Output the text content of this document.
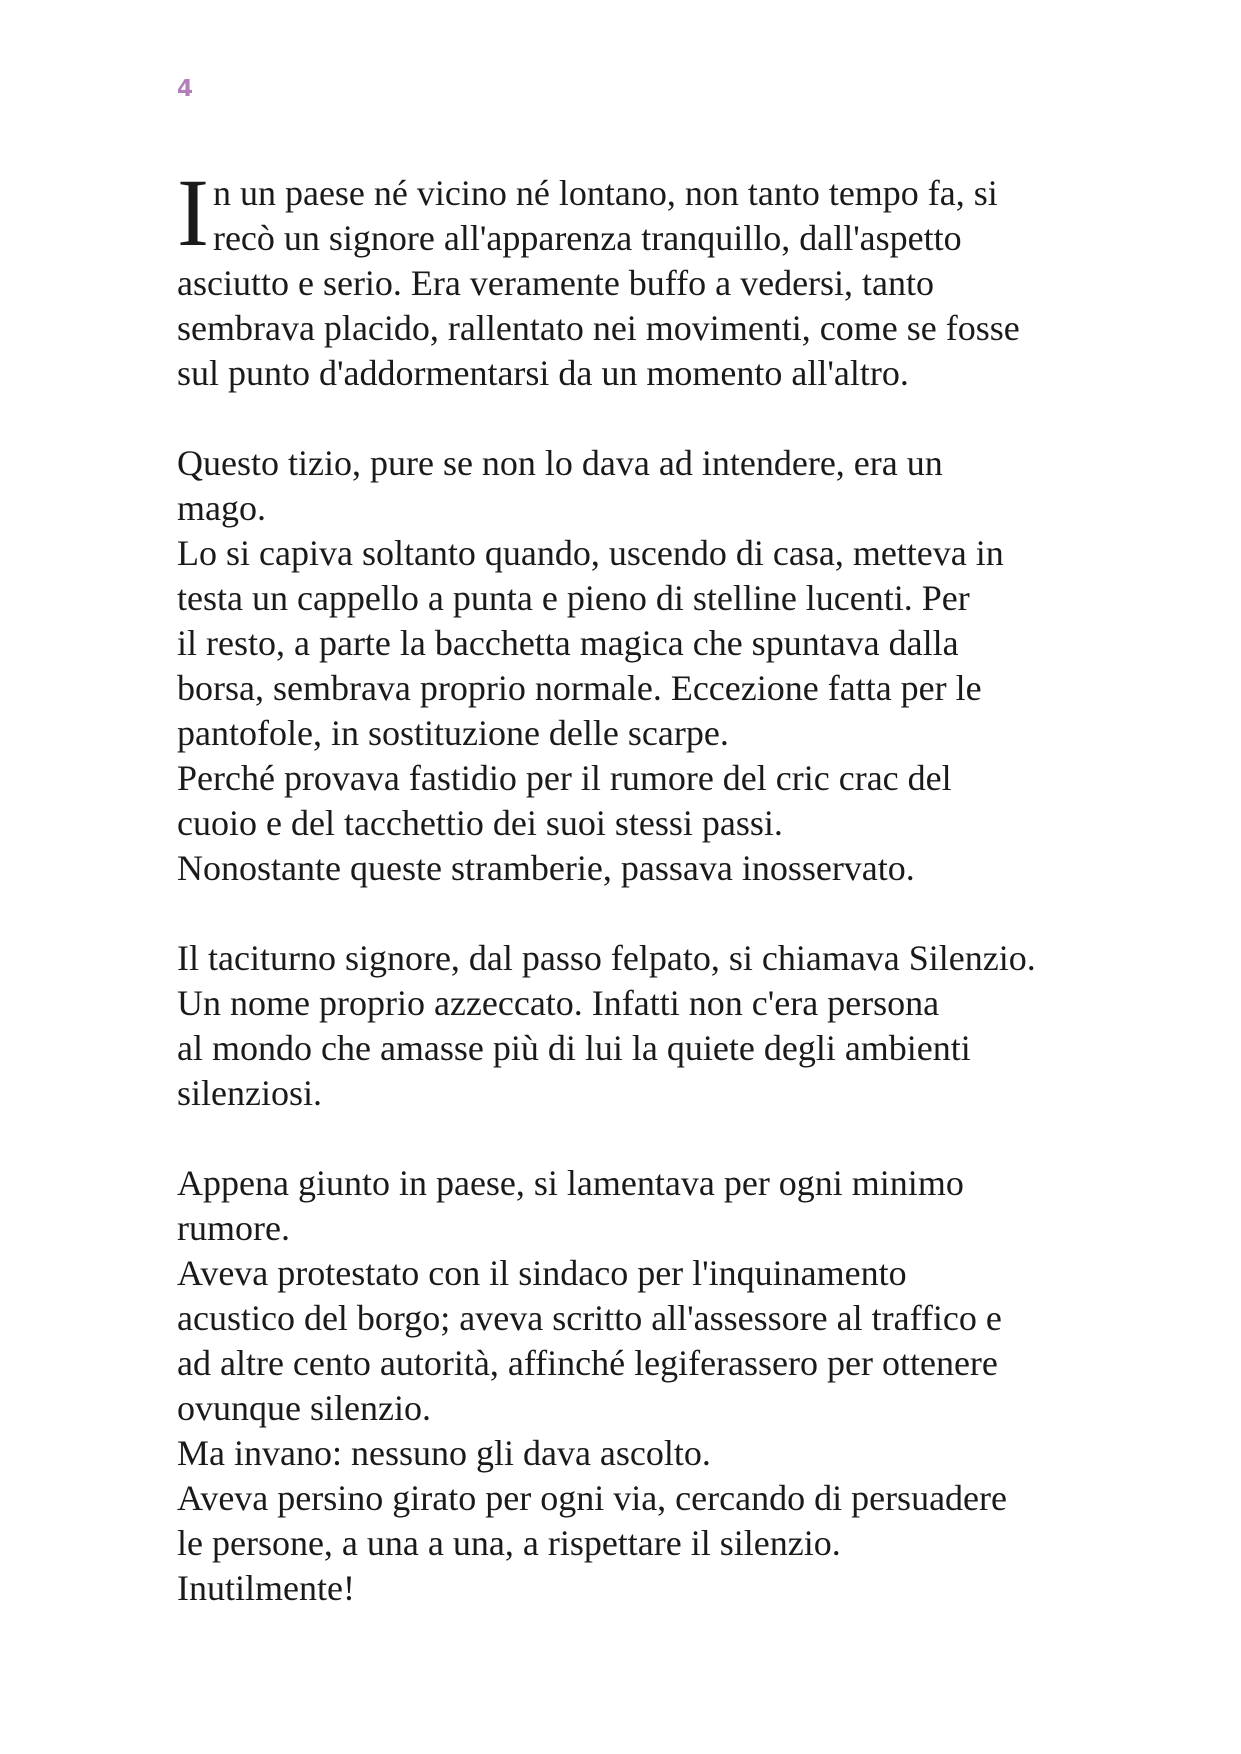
4
I n un paese né vicino né lontano, non tanto tempo fa, si
recò un signore all'apparenza tranquillo, dall'aspetto
asciutto e serio. Era veramente buffo a vedersi, tanto
sembrava placido, rallentato nei movimenti, come se fosse
sul punto d'addormentarsi da un momento all'altro.
Questo tizio, pure se non lo dava ad intendere, era un
mago.
Lo si capiva soltanto quando, uscendo di casa, metteva in
testa un cappello a punta e pieno di stelline lucenti. Per
il resto, a parte la bacchetta magica che spuntava dalla
borsa, sembrava proprio normale. Eccezione fatta per le
pantofole, in sostituzione delle scarpe.
Perché provava fastidio per il rumore del cric crac del
cuoio e del tacchettio dei suoi stessi passi.
Nonostante queste stramberie, passava inosservato.
Il taciturno signore, dal passo felpato, si chiamava Silenzio.
Un nome proprio azzeccato. Infatti non c'era persona
al mondo che amasse più di lui la quiete degli ambienti
silenziosi.
Appena giunto in paese, si lamentava per ogni minimo
rumore.
Aveva protestato con il sindaco per l'inquinamento
acustico del borgo; aveva scritto all'assessore al traffico e
ad altre cento autorità, affinché legiferassero per ottenere
ovunque silenzio.
Ma invano: nessuno gli dava ascolto.
Aveva persino girato per ogni via, cercando di persuadere
le persone, a una a una, a rispettare il silenzio.
Inutilmente!
